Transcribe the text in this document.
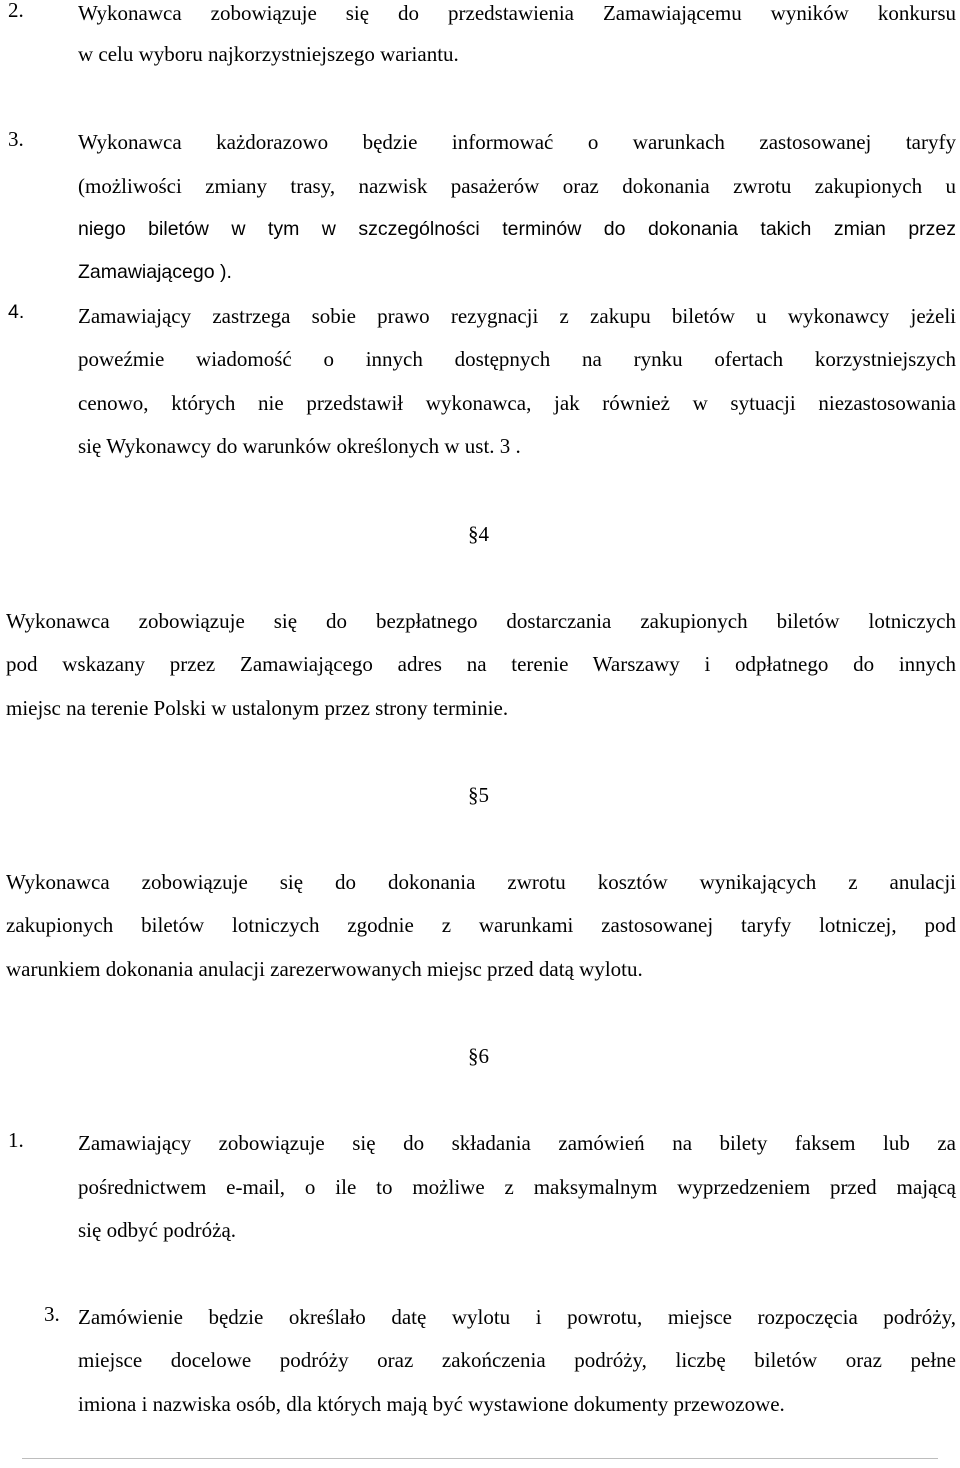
2.	Wykonawca zobowiązuje się do przedstawienia Zamawiającemu wyników konkursu
w celu wyboru najkorzystniejszego wariantu.
3.	Wykonawca każdorazowo będzie informować o warunkach zastosowanej taryfy
(możliwości zmiany trasy, nazwisk pasażerów oraz dokonania zwrotu zakupionych u
niego biletów w tym w szczególności terminów do dokonania takich zmian przez
Zamawiającego ).
4.	Zamawiający zastrzega sobie prawo rezygnacji z zakupu biletów u wykonawcy jeżeli
poweźmie wiadomość o innych dostępnych na rynku ofertach korzystniejszych
cenowo, których nie przedstawił wykonawca, jak również w sytuacji niezastosowania
się Wykonawcy do warunków określonych w ust. 3 .
§4
Wykonawca zobowiązuje się do bezpłatnego dostarczania zakupionych biletów lotniczych
pod wskazany przez Zamawiającego adres na terenie Warszawy i odpłatnego do innych
miejsc na terenie Polski w ustalonym przez strony terminie.
§5
Wykonawca zobowiązuje się do dokonania zwrotu kosztów wynikających z anulacji
zakupionych biletów lotniczych zgodnie z warunkami zastosowanej taryfy lotniczej, pod
warunkiem dokonania anulacji zarezerwowanych miejsc przed datą wylotu.
§6
1.	Zamawiający zobowiązuje się do składania zamówień na bilety faksem lub za
pośrednictwem e-mail, o ile to możliwe z maksymalnym wyprzedzeniem przed mającą
się odbyć podróżą.
3. Zamówienie będzie określało datę wylotu i powrotu, miejsce rozpoczęcia podróży,
miejsce docelowe podróży oraz zakończenia podróży, liczbę biletów oraz pełne
imiona i nazwiska osób, dla których mają być wystawione dokumenty przewozowe.
